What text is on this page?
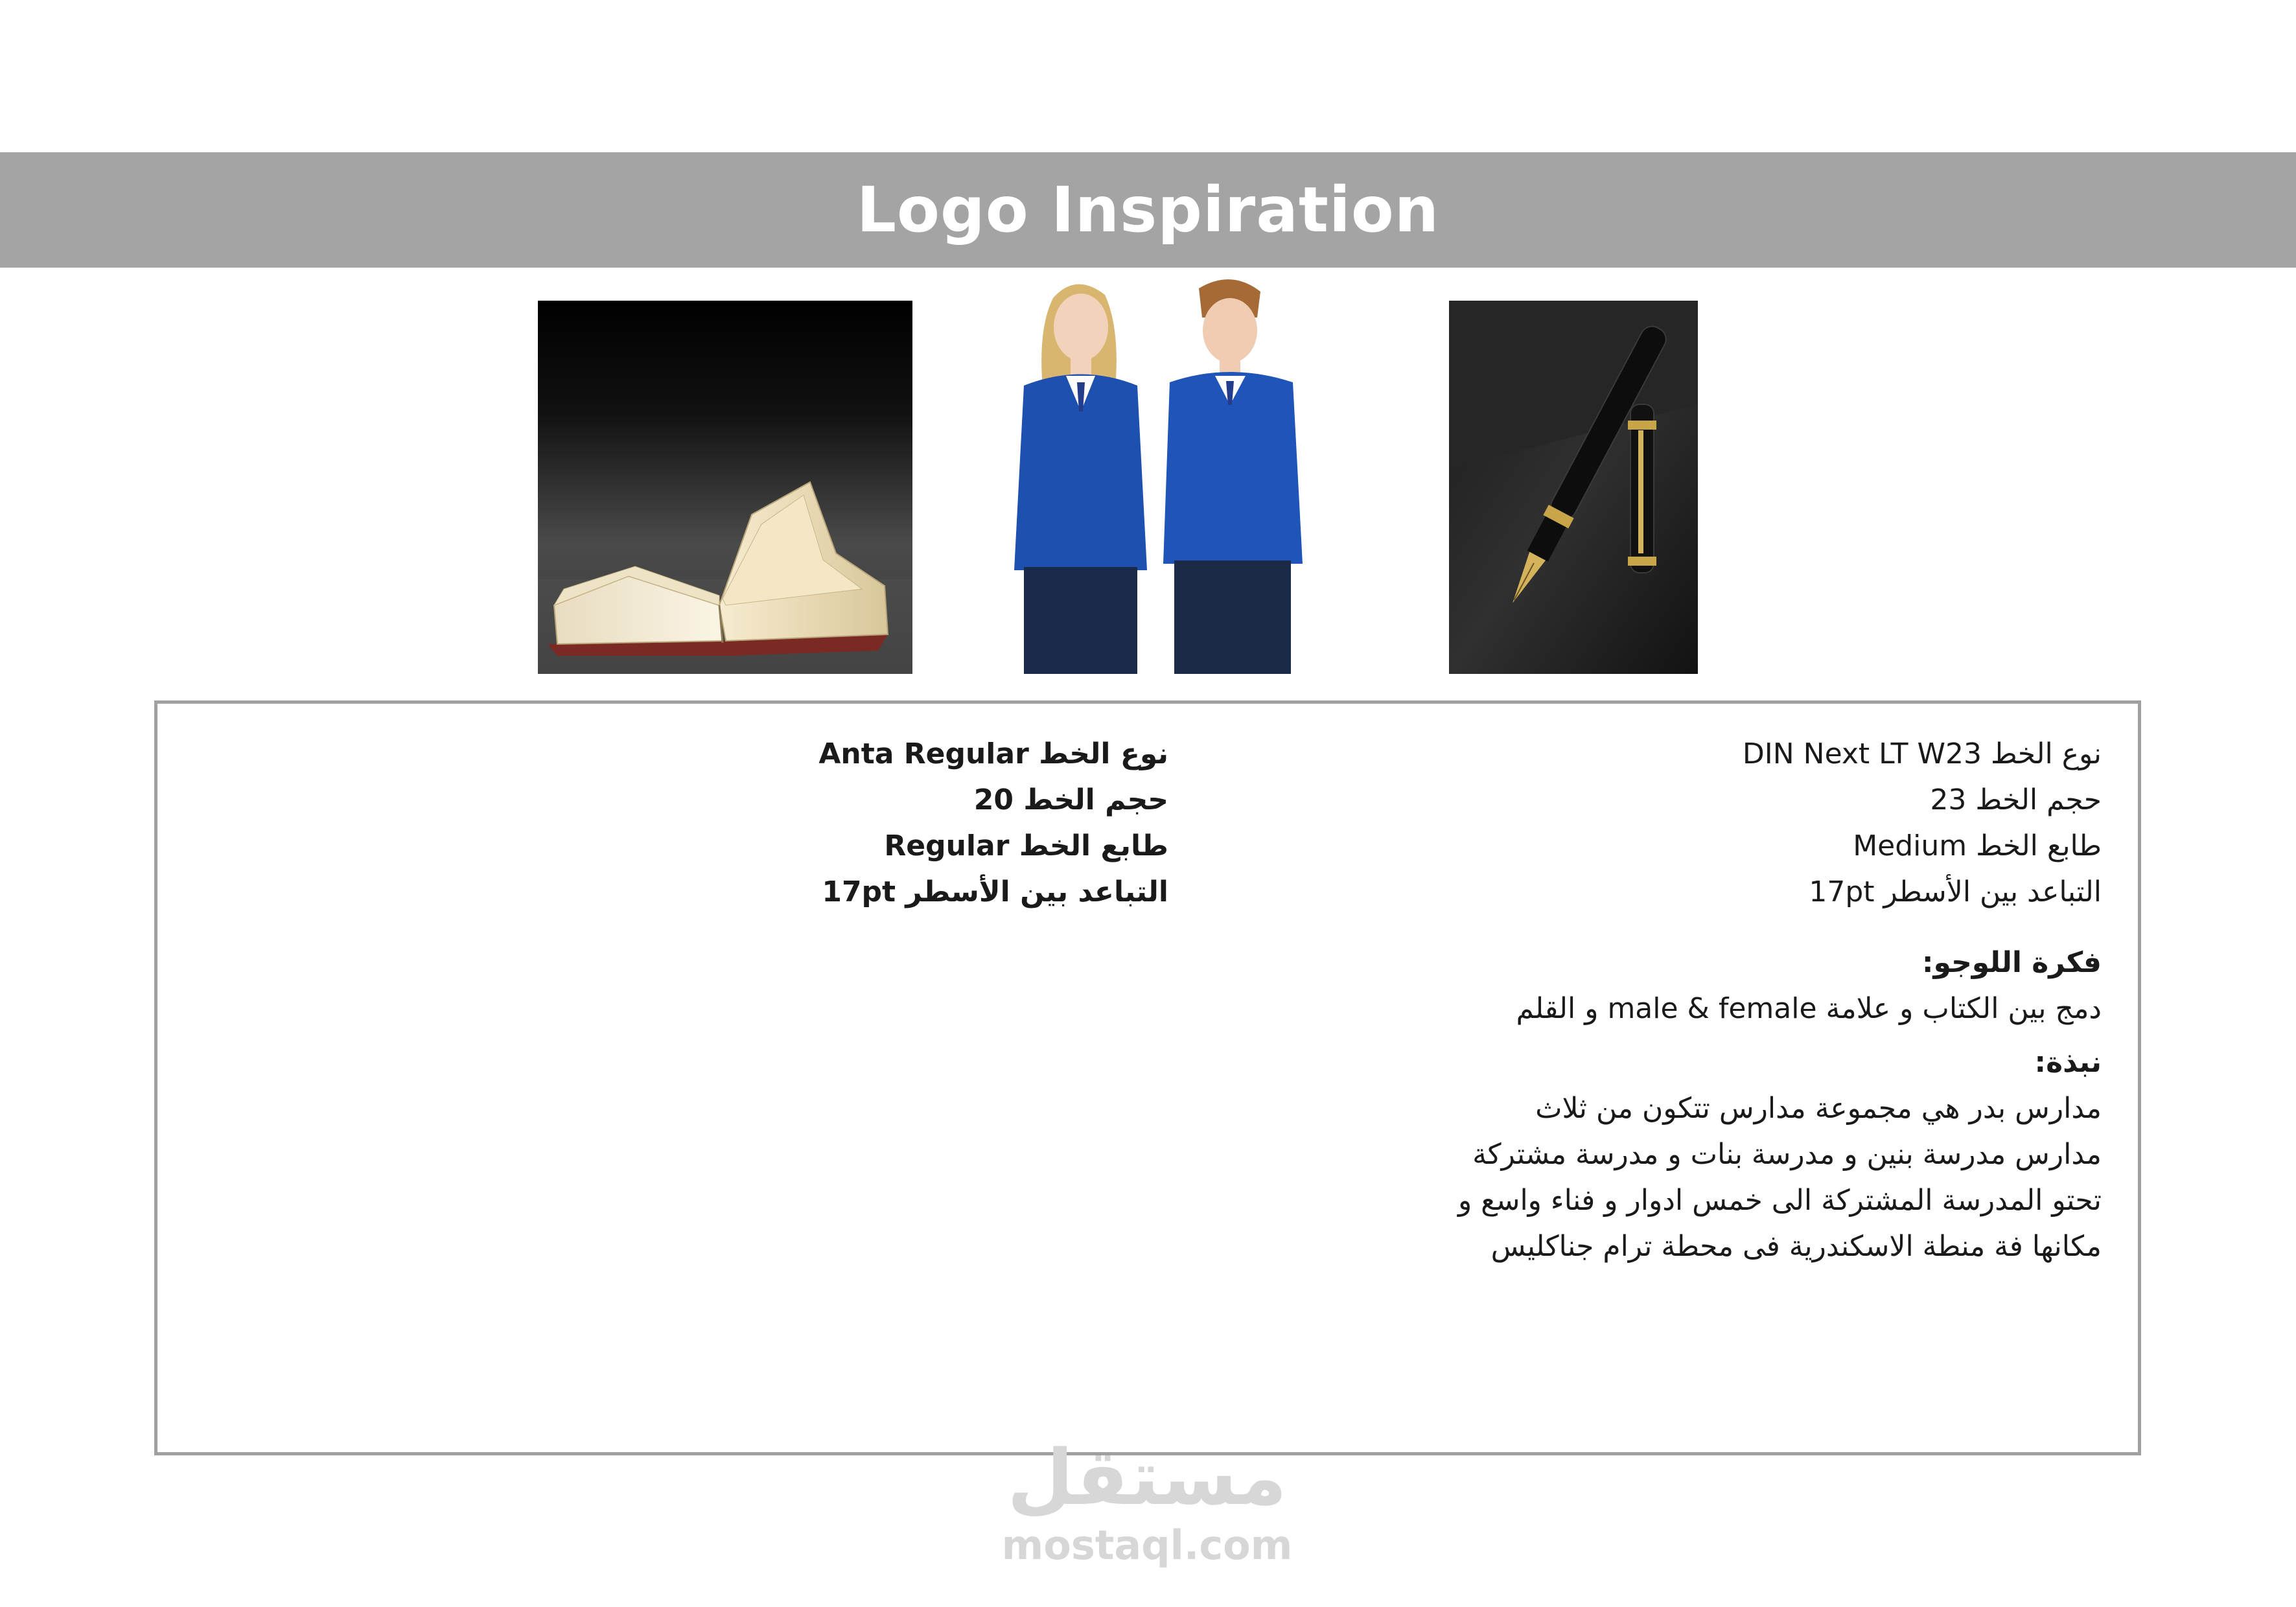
Logo Inspiration
نوع الخط DIN Next LT W23
حجم الخط 23
طابع الخط Medium
التباعد بين الأسطر 17pt
فكرة اللوجو:
دمج بين الكتاب و علامة male & female و القلم
نبذة:
مدارس بدر هي مجموعة مدارس تتكون من ثلاث
مدارس مدرسة بنين و مدرسة بنات و مدرسة مشتركة
تحتو المدرسة المشتركة الى خمس ادوار و فناء واسع و
مكانها فة منطة الاسكندرية فى محطة ترام جناكليس
نوع الخط Anta Regular
حجم الخط 20
طابع الخط Regular
التباعد بين الأسطر 17pt
مستقل
mostaql.com
